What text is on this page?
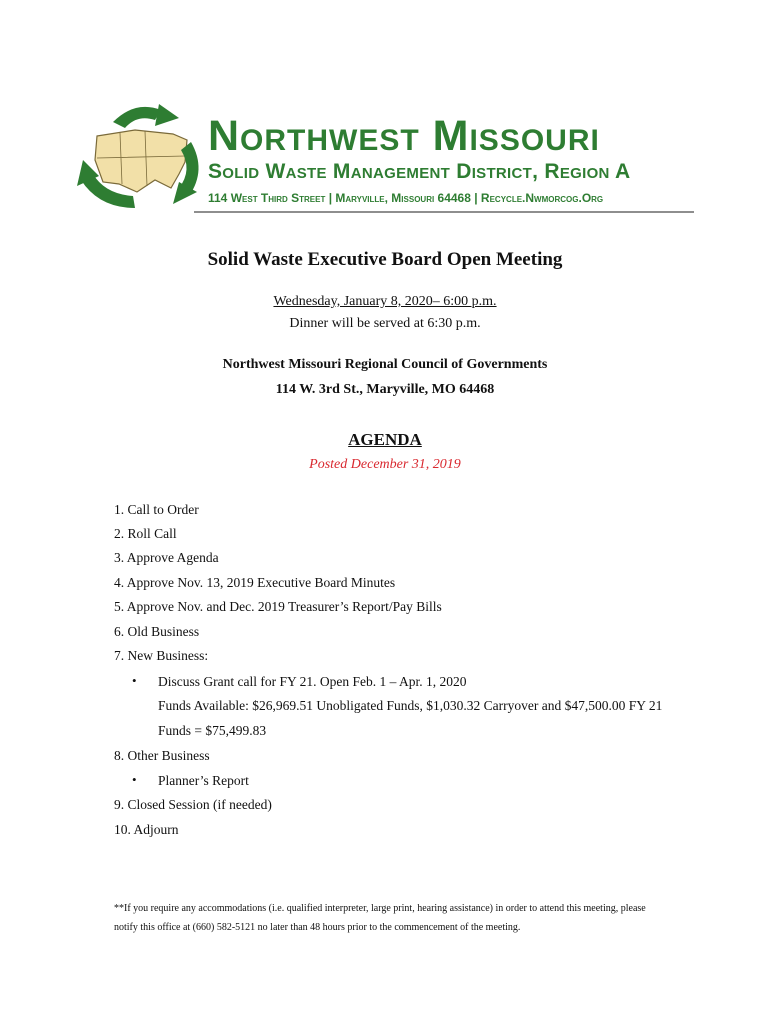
Northwest Missouri
Solid Waste Management District, Region A
114 West Third Street | Maryville, Missouri 64468 | Recycle.Nwmorcog.Org
Solid Waste Executive Board Open Meeting
Wednesday, January 8, 2020– 6:00 p.m.
Dinner will be served at 6:30 p.m.
Northwest Missouri Regional Council of Governments
114 W. 3rd St., Maryville, MO 64468
AGENDA
Posted December 31, 2019
1. Call to Order
2. Roll Call
3. Approve Agenda
4. Approve Nov. 13, 2019 Executive Board Minutes
5. Approve Nov. and Dec. 2019 Treasurer’s Report/Pay Bills
6. Old Business
7. New Business:
• Discuss Grant call for FY 21. Open Feb. 1 – Apr. 1, 2020
Funds Available: $26,969.51 Unobligated Funds, $1,030.32 Carryover and $47,500.00 FY 21
Funds = $75,499.83
8. Other Business
• Planner’s Report
9. Closed Session (if needed)
10. Adjourn
**If you require any accommodations (i.e. qualified interpreter, large print, hearing assistance) in order to attend this meeting, please
notify this office at (660) 582-5121 no later than 48 hours prior to the commencement of the meeting.
